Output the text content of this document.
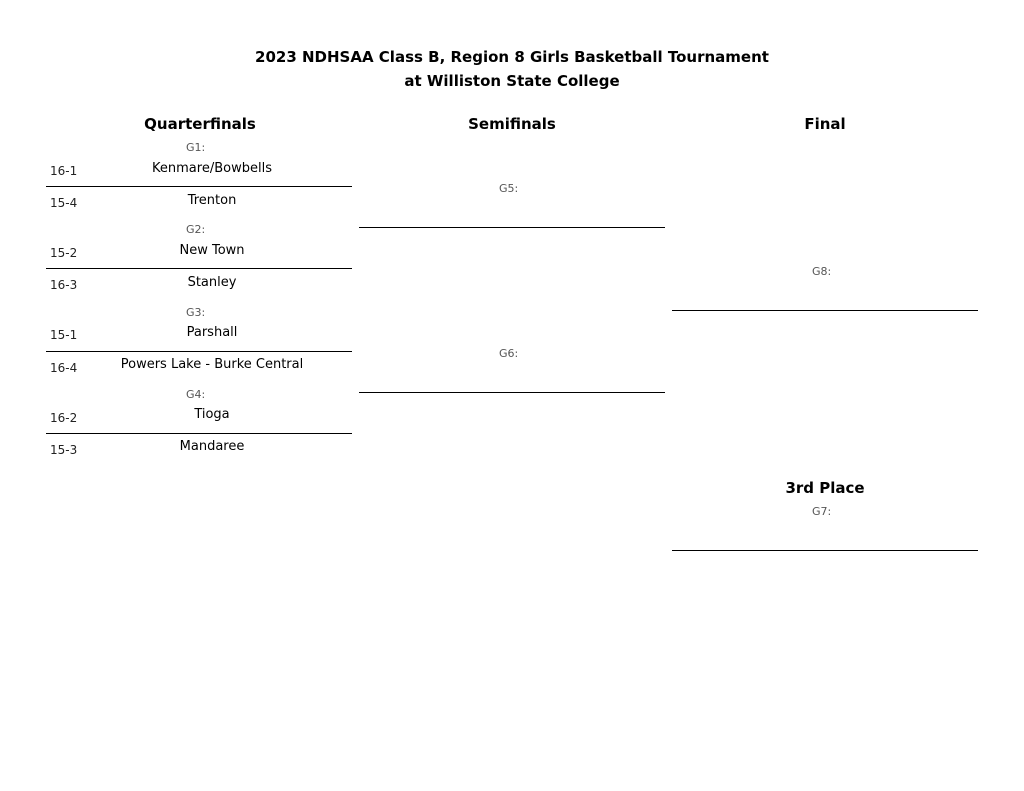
2023 NDHSAA Class B, Region 8 Girls Basketball Tournament
at Williston State College
Quarterfinals	Semifinals	Final
G1:
16-1	Kenmare/Bowbells
15-4	Trenton
G2:
15-2	New Town
16-3	Stanley
G3:
15-1	Parshall
16-4	Powers Lake - Burke Central
G4:
16-2	Tioga
15-3	Mandaree
G5:
G6:
G8:
3rd Place
G7:
